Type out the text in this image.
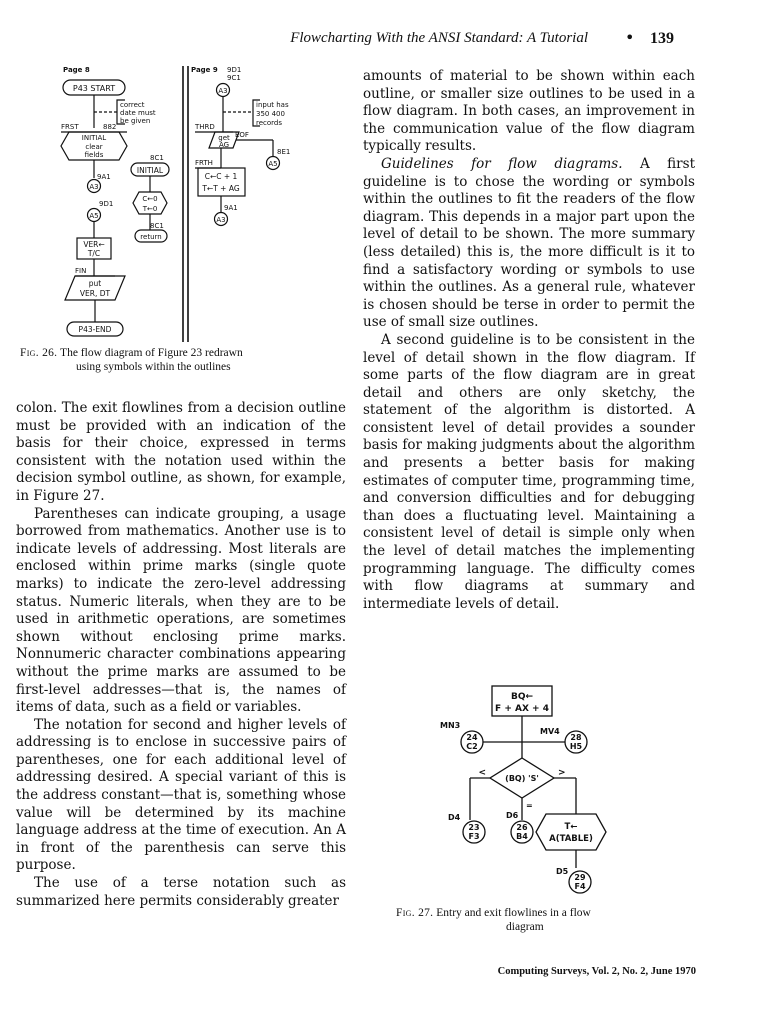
Flowcharting With the ANSI Standard: A Tutorial • 139
Page 8	Page 9
P43 START
correct
date must
be given
FRST	882
INITIAL
clear
fields
9A1
A3
9D1
A5
VER←
T/C
FIN
put
VER, DT
P43-END
8C1
INITIAL
C←0
T←0
8C1
return
9D1
9C1
A3
input has
350 400
records
THRD
EOF
get
AG
8E1
A5
FRTH
C←C + 1
T←T + AG
9A1
A3
Fig. 26. The flow diagram of Figure 23 redrawn
using symbols within the outlines

colon. The exit flowlines from a decision outline must be provided with an indication of the basis for their choice, expressed in terms consistent with the notation used within the decision symbol outline, as shown, for example, in Figure 27.

Parentheses can indicate grouping, a usage borrowed from mathematics. Another use is to indicate levels of addressing. Most literals are enclosed within prime marks (single quote marks) to indicate the zero-level addressing status. Numeric literals, when they are to be used in arithmetic operations, are sometimes shown without enclosing prime marks. Nonnumeric character combinations appearing without the prime marks are assumed to be first-level addresses—that is, the names of items of data, such as a field or variables.

The notation for second and higher levels of addressing is to enclose in successive pairs of parentheses, one for each additional level of addressing desired. A special variant of this is the address constant—that is, something whose value will be determined by its machine language address at the time of execution. An A in front of the parenthesis can serve this purpose.

The use of a terse notation such as summarized here permits considerably greater

amounts of material to be shown within each outline, or smaller size outlines to be used in a flow diagram. In both cases, an improvement in the communication value of the flow diagram typically results.

Guidelines for flow diagrams. A first guideline is to chose the wording or symbols within the outlines to fit the readers of the flow diagram. This depends in a major part upon the level of detail to be shown. The more summary (less detailed) this is, the more difficult is it to find a satisfactory wording or symbols to use within the outlines. As a general rule, whatever is chosen should be terse in order to permit the use of small size outlines.

A second guideline is to be consistent in the level of detail shown in the flow diagram. If some parts of the flow diagram are in great detail and others are only sketchy, the statement of the algorithm is distorted. A consistent level of detail provides a sounder basis for making judgments about the algorithm and presents a better basis for making estimates of computer time, programming time, and conversion difficulties and for debugging than does a fluctuating level. Maintaining a consistent level of detail is simple only when the level of detail matches the implementing programming language. The difficulty comes with flow diagrams at summary and intermediate levels of detail.

BQ←
F + AX + 4
MN3
24
C2
MV4
28
H5
(BQ) 'S'
<	>
=
D4
23
F3
D6
26
B4
T←
A(TABLE)
D5
29
F4
Fig. 27. Entry and exit flowlines in a flow
diagram
Computing Surveys, Vol. 2, No. 2, June 1970
